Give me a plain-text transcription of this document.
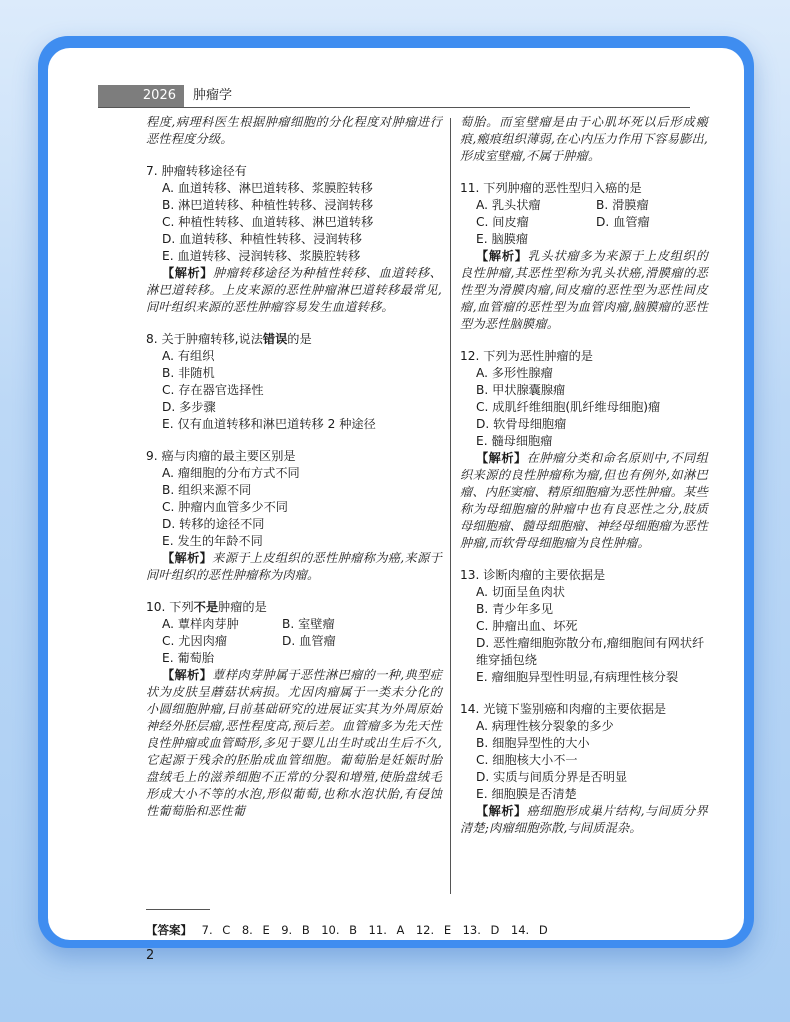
2026	肿瘤学
程度,病理科医生根据肿瘤细胞的分化程度对肿瘤进行恶性程度分级。
7. 肿瘤转移途径有
A. 血道转移、淋巴道转移、浆膜腔转移
B. 淋巴道转移、种植性转移、浸润转移
C. 种植性转移、血道转移、淋巴道转移
D. 血道转移、种植性转移、浸润转移
E. 血道转移、浸润转移、浆膜腔转移
【解析】肿瘤转移途径为种植性转移、血道转移、淋巴道转移。上皮来源的恶性肿瘤淋巴道转移最常见,间叶组织来源的恶性肿瘤容易发生血道转移。
8. 关于肿瘤转移,说法错误的是
A. 有组织
B. 非随机
C. 存在器官选择性
D. 多步骤
E. 仅有血道转移和淋巴道转移 2 种途径
9. 癌与肉瘤的最主要区别是
A. 瘤细胞的分布方式不同
B. 组织来源不同
C. 肿瘤内血管多少不同
D. 转移的途径不同
E. 发生的年龄不同
【解析】来源于上皮组织的恶性肿瘤称为癌,来源于间叶组织的恶性肿瘤称为肉瘤。
10. 下列不是肿瘤的是
A. 蕈样肉芽肿	B. 室壁瘤
C. 尤因肉瘤	D. 血管瘤
E. 葡萄胎
【解析】蕈样肉芽肿属于恶性淋巴瘤的一种,典型症状为皮肤呈蘑菇状病损。尤因肉瘤属于一类未分化的小圆细胞肿瘤,目前基础研究的进展证实其为外周原始神经外胚层瘤,恶性程度高,预后差。血管瘤多为先天性良性肿瘤或血管畸形,多见于婴儿出生时或出生后不久,它起源于残余的胚胎成血管细胞。葡萄胎是妊娠时胎盘绒毛上的滋养细胞不正常的分裂和增殖,使胎盘绒毛形成大小不等的水泡,形似葡萄,也称水泡状胎,有侵蚀性葡萄胎和恶性葡
萄胎。而室壁瘤是由于心肌坏死以后形成瘢痕,瘢痕组织薄弱,在心内压力作用下容易膨出,形成室壁瘤,不属于肿瘤。
11. 下列肿瘤的恶性型归入癌的是
A. 乳头状瘤	B. 滑膜瘤
C. 间皮瘤	D. 血管瘤
E. 脑膜瘤
【解析】乳头状瘤多为来源于上皮组织的良性肿瘤,其恶性型称为乳头状癌,滑膜瘤的恶性型为滑膜肉瘤,间皮瘤的恶性型为恶性间皮瘤,血管瘤的恶性型为血管肉瘤,脑膜瘤的恶性型为恶性脑膜瘤。
12. 下列为恶性肿瘤的是
A. 多形性腺瘤
B. 甲状腺囊腺瘤
C. 成肌纤维细胞(肌纤维母细胞)瘤
D. 软骨母细胞瘤
E. 髓母细胞瘤
【解析】在肿瘤分类和命名原则中,不同组织来源的良性肿瘤称为瘤,但也有例外,如淋巴瘤、内胚窦瘤、精原细胞瘤为恶性肿瘤。某些称为母细胞瘤的肿瘤中也有良恶性之分,肢质母细胞瘤、髓母细胞瘤、神经母细胞瘤为恶性肿瘤,而软骨母细胞瘤为良性肿瘤。
13. 诊断肉瘤的主要依据是
A. 切面呈鱼肉状
B. 青少年多见
C. 肿瘤出血、坏死
D. 恶性瘤细胞弥散分布,瘤细胞间有网状纤维穿插包绕
E. 瘤细胞异型性明显,有病理性核分裂
14. 光镜下鉴别癌和肉瘤的主要依据是
A. 病理性核分裂象的多少
B. 细胞异型性的大小
C. 细胞核大小不一
D. 实质与间质分界是否明显
E. 细胞膜是否清楚
【解析】癌细胞形成巢片结构,与间质分界清楚;肉瘤细胞弥散,与间质混杂。
【答案】 7. C　8. E　9. B　10. B　11. A　12. E　13. D　14. D
2
